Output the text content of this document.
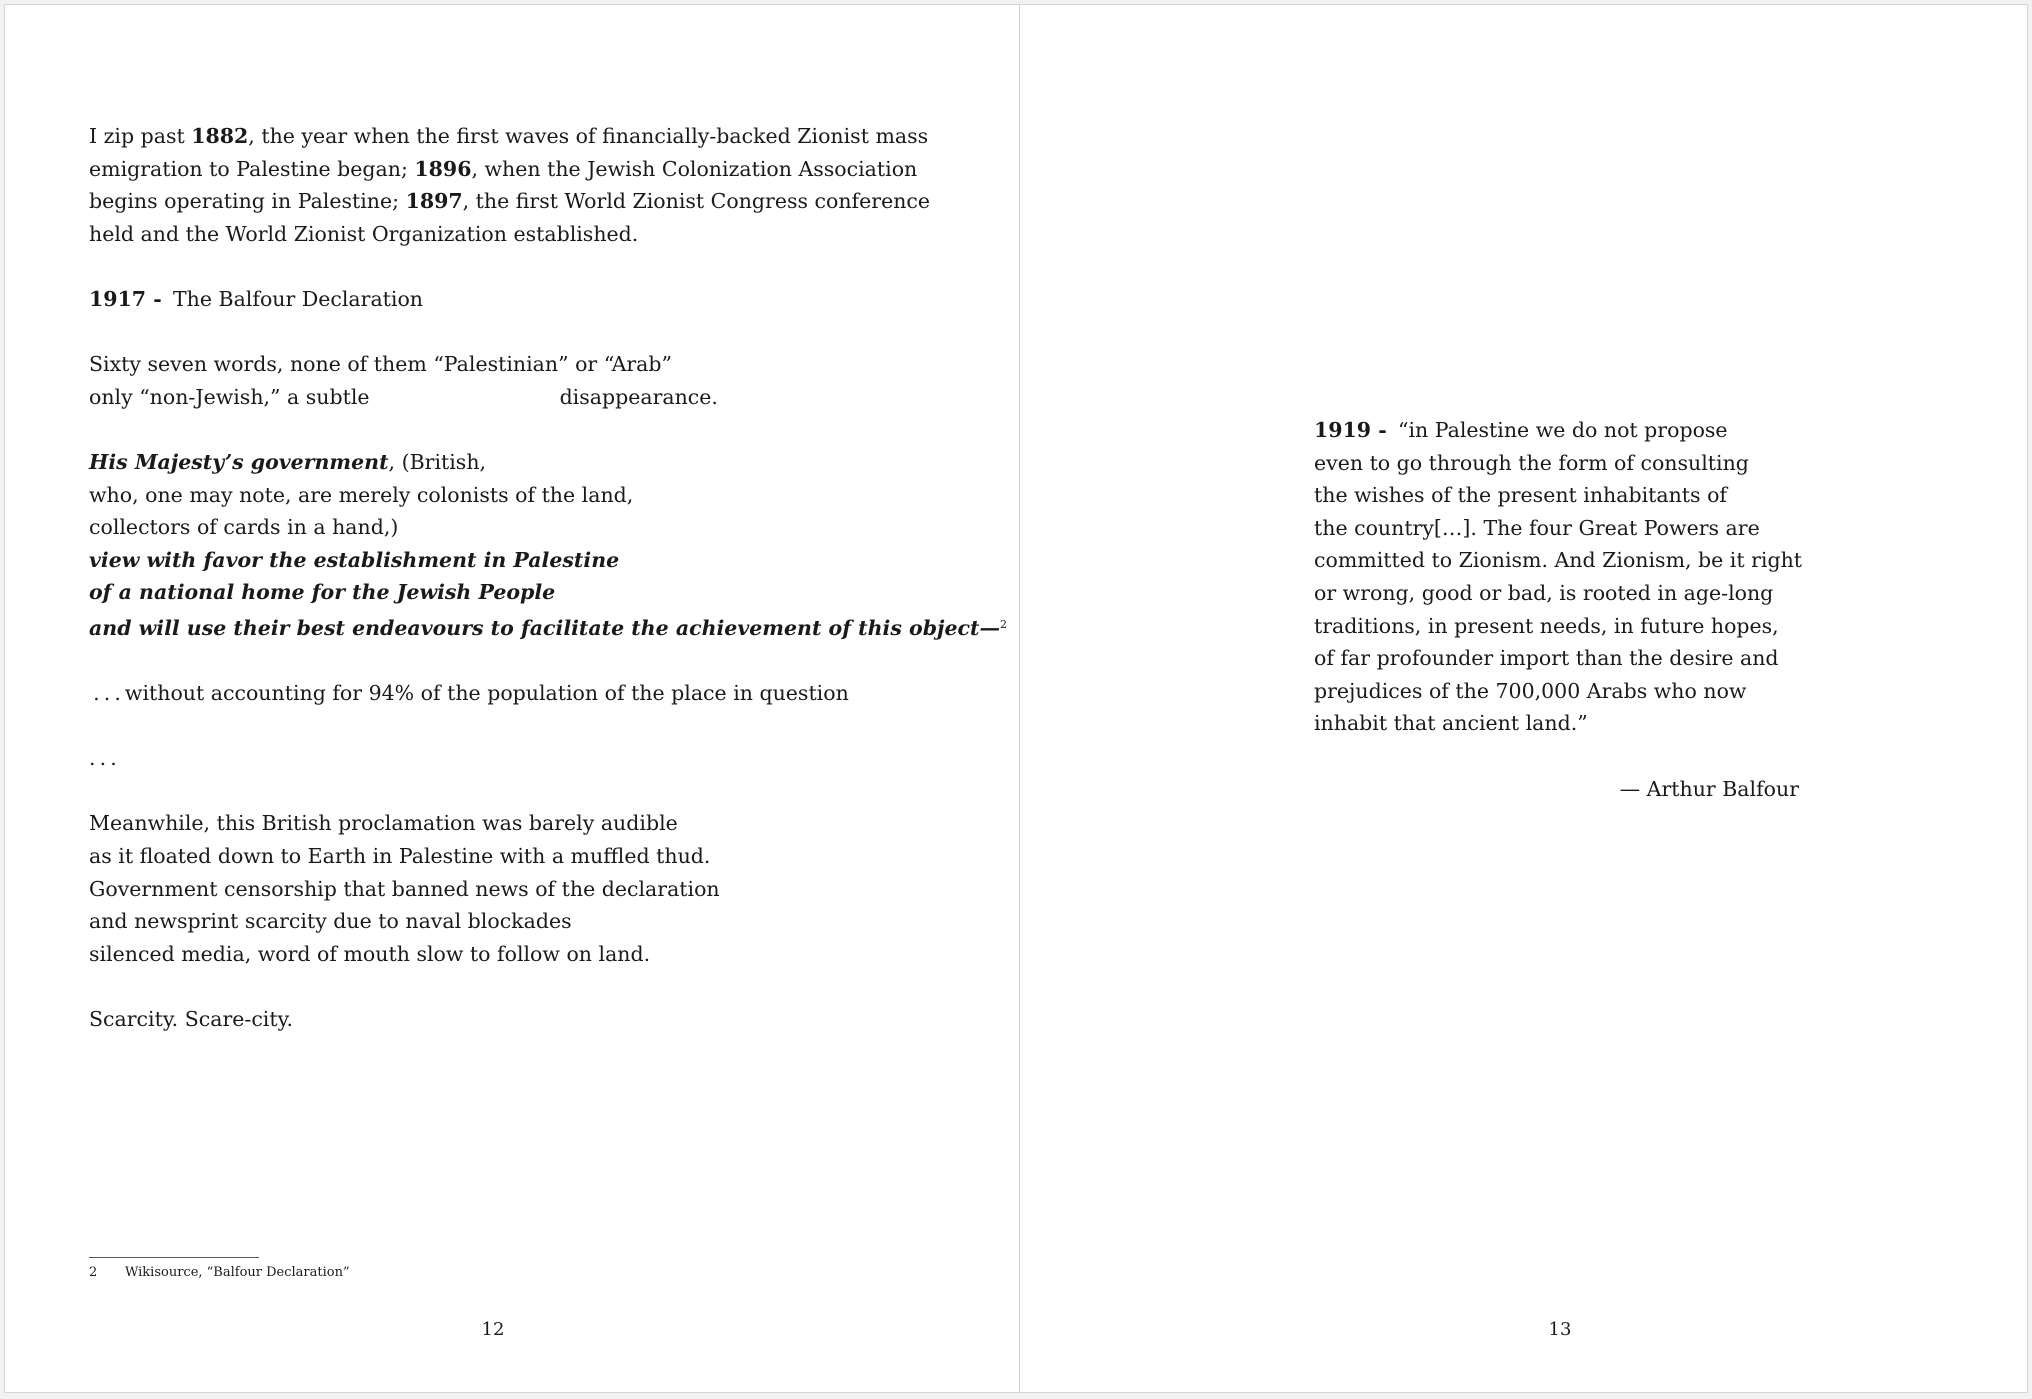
I zip past 1882, the year when the first waves of financially-backed Zionist mass
emigration to Palestine began; 1896, when the Jewish Colonization Association
begins operating in Palestine; 1897, the first World Zionist Congress conference
held and the World Zionist Organization established.
1917 - The Balfour Declaration
Sixty seven words, none of them “Palestinian” or “Arab”
only “non-Jewish,” a subtle	disappearance.
His Majesty’s government, (British,
who, one may note, are merely colonists of the land,
collectors of cards in a hand,)
view with favor the establishment in Palestine
of a national home for the Jewish People
and will use their best endeavours to facilitate the achievement of this object—$^2$
 . . . without accounting for 94% of the population of the place in question
. . .
Meanwhile, this British proclamation was barely audible
as it floated down to Earth in Palestine with a muffled thud.
Government censorship that banned news of the declaration
and newsprint scarcity due to naval blockades
silenced media, word of mouth slow to follow on land.
Scarcity. Scare-city.
2 Wikisource, “Balfour Declaration”
12
1919 - “in Palestine we do not propose
even to go through the form of consulting
the wishes of the present inhabitants of
the country[…]. The four Great Powers are
committed to Zionism. And Zionism, be it right
or wrong, good or bad, is rooted in age-long
traditions, in present needs, in future hopes,
of far profounder import than the desire and
prejudices of the 700,000 Arabs who now
inhabit that ancient land.”
— Arthur Balfour
13
